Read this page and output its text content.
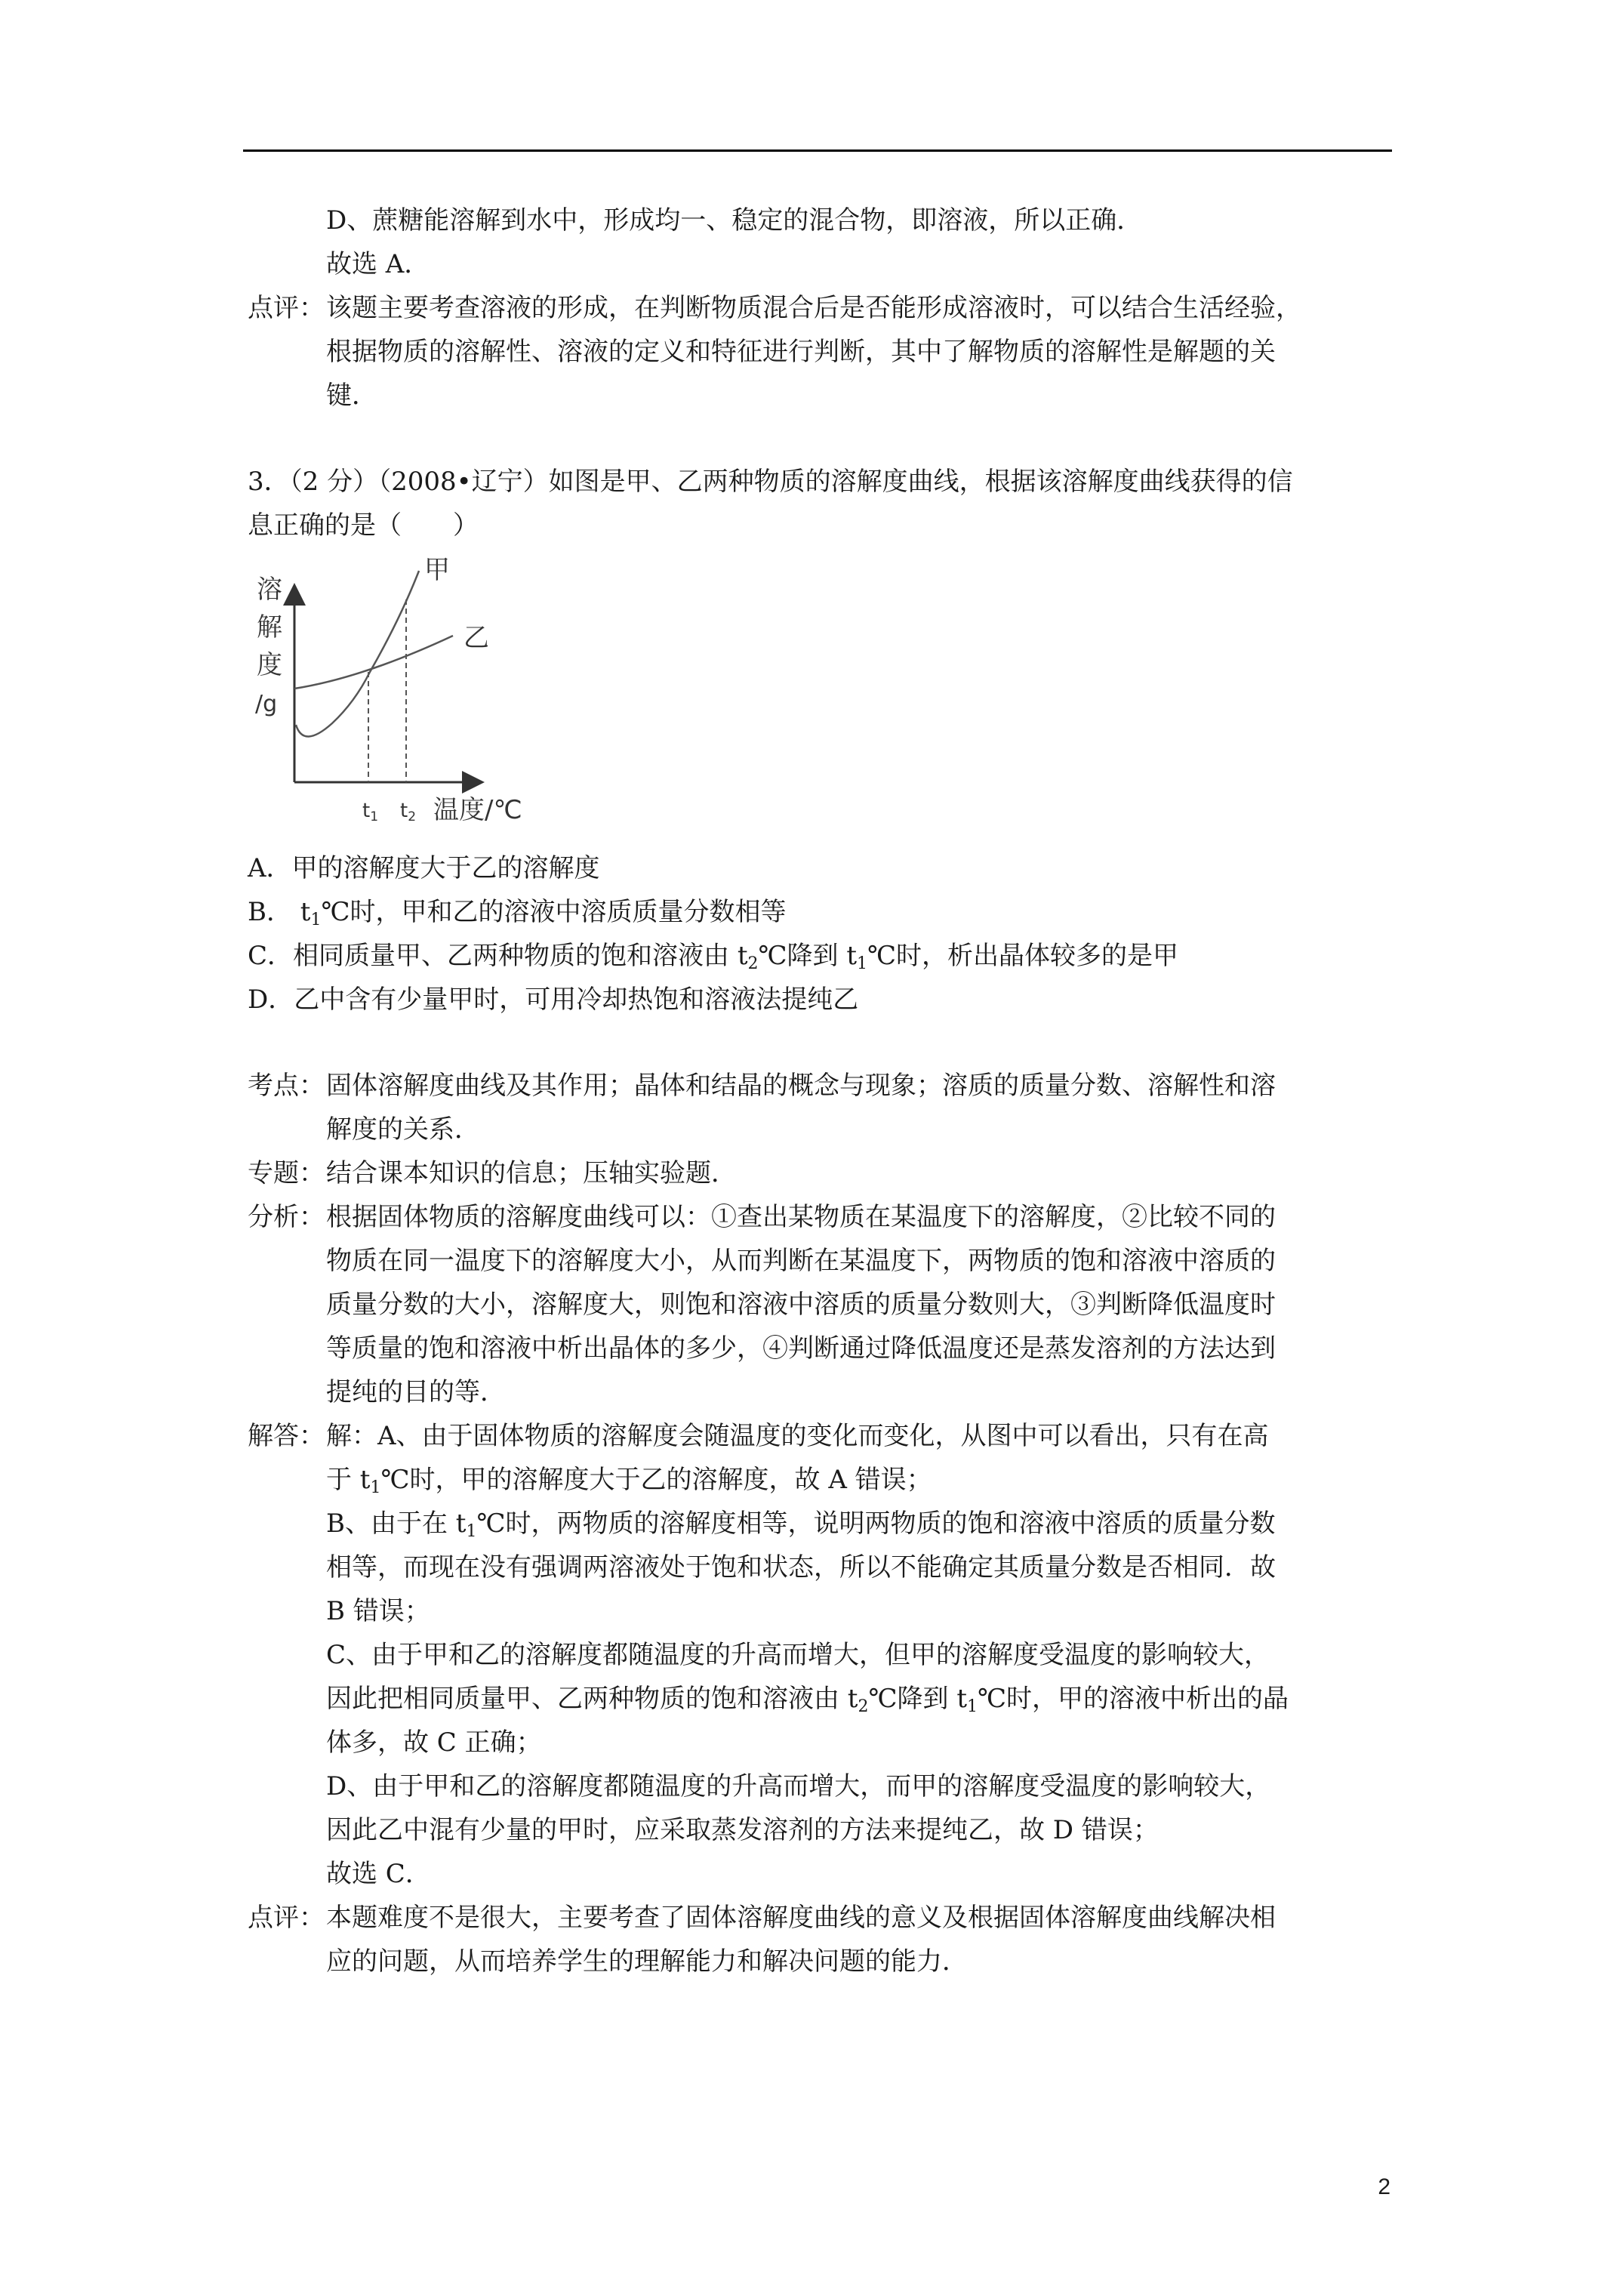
D、蔗糖能溶解到水中，形成均一、稳定的混合物，即溶液，所以正确．
故选 A．
点评： 该题主要考查溶液的形成，在判断物质混合后是否能形成溶液时，可以结合生活经验，
根据物质的溶解性、溶液的定义和特征进行判断，其中了解物质的溶解性是解题的关
键．
3．（2 分）（2008•辽宁）如图是甲、乙两种物质的溶解度曲线，根据该溶解度曲线获得的信
息正确的是（　　）
溶
解
度
/g
甲
乙
t1 t2 温度/℃
A．甲的溶解度大于乙的溶解度
B． $t_1℃$时，甲和乙的溶液中溶质质量分数相等
C．相同质量甲、乙两种物质的饱和溶液由 $t_2℃$降到 $t_1℃$时，析出晶体较多的是甲
D．乙中含有少量甲时，可用冷却热饱和溶液法提纯乙
考点： 固体溶解度曲线及其作用；晶体和结晶的概念与现象；溶质的质量分数、溶解性和溶
解度的关系．
专题： 结合课本知识的信息；压轴实验题．
分析： 根据固体物质的溶解度曲线可以：①查出某物质在某温度下的溶解度，②比较不同的
物质在同一温度下的溶解度大小，从而判断在某温度下，两物质的饱和溶液中溶质的
质量分数的大小，溶解度大，则饱和溶液中溶质的质量分数则大，③判断降低温度时
等质量的饱和溶液中析出晶体的多少，④判断通过降低温度还是蒸发溶剂的方法达到
提纯的目的等．
解答： 解：A、由于固体物质的溶解度会随温度的变化而变化，从图中可以看出，只有在高
于 $t_1℃$时，甲的溶解度大于乙的溶解度，故 A 错误；
B、由于在 $t_1℃$时，两物质的溶解度相等，说明两物质的饱和溶液中溶质的质量分数
相等，而现在没有强调两溶液处于饱和状态，所以不能确定其质量分数是否相同．故
B 错误；
C、由于甲和乙的溶解度都随温度的升高而增大，但甲的溶解度受温度的影响较大，
因此把相同质量甲、乙两种物质的饱和溶液由 $t_2℃$降到 $t_1℃$时，甲的溶液中析出的晶
体多，故 C 正确；
D、由于甲和乙的溶解度都随温度的升高而增大，而甲的溶解度受温度的影响较大，
因此乙中混有少量的甲时，应采取蒸发溶剂的方法来提纯乙，故 D 错误；
故选 C．
点评： 本题难度不是很大，主要考查了固体溶解度曲线的意义及根据固体溶解度曲线解决相
应的问题，从而培养学生的理解能力和解决问题的能力．
2
